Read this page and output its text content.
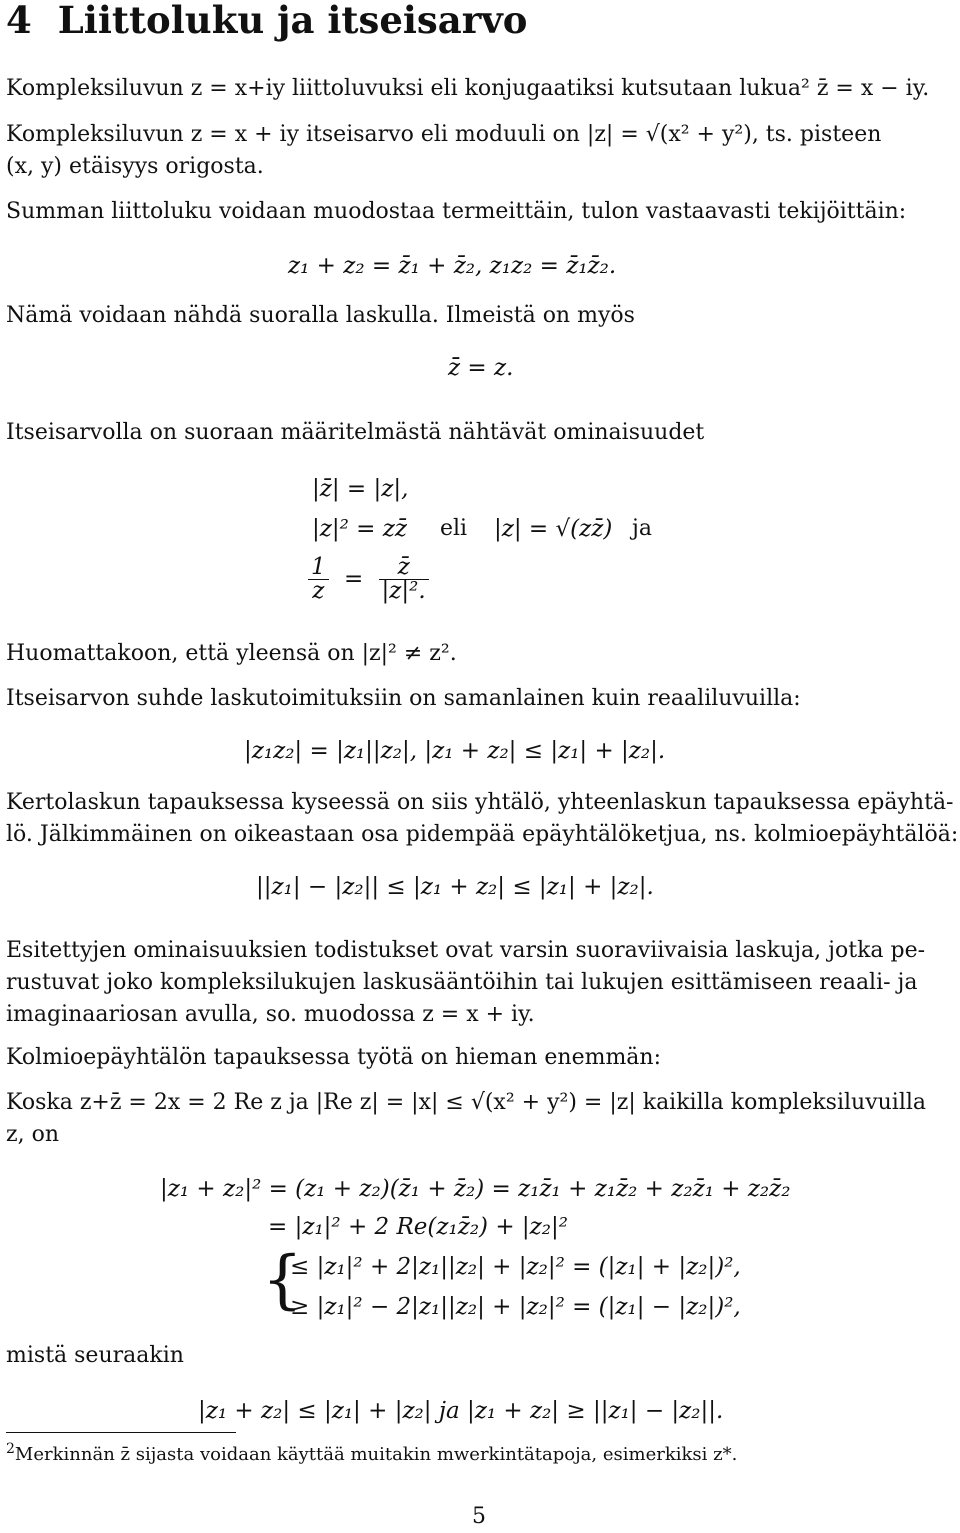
4 Liittoluku ja itseisarvo
Kompleksiluvun z = x+iy liittoluvuksi eli konjugaatiksi kutsutaan lukua² z̄ = x − iy.
Kompleksiluvun z = x + iy itseisarvo eli moduuli on |z| = √(x² + y²), ts. pisteen
(x, y) etäisyys origosta.
Summan liittoluku voidaan muodostaa termeittäin, tulon vastaavasti tekijöittäin:
z₁ + z₂ = z̄₁ + z̄₂, z₁z₂ = z̄₁z̄₂.
Nämä voidaan nähdä suoralla laskulla. Ilmeistä on myös
z̄̄ = z.
Itseisarvolla on suoraan määritelmästä nähtävät ominaisuudet
|z̄| = |z|,
|z|² = zz̄ eli |z| = √(zz̄) ja
$\frac{1}{z} = \frac{z̄}{\text{|z|².}}$
Huomattakoon, että yleensä on |z|² ≠ z².
Itseisarvon suhde laskutoimituksiin on samanlainen kuin reaaliluvuilla:
|z₁z₂| = |z₁||z₂|, |z₁ + z₂| ≤ |z₁| + |z₂|.
Kertolaskun tapauksessa kyseessä on siis yhtälö, yhteenlaskun tapauksessa epäyhtä-
lö. Jälkimmäinen on oikeastaan osa pidempää epäyhtälöketjua, ns. kolmioepäyhtälöä:
||z₁| − |z₂|| ≤ |z₁ + z₂| ≤ |z₁| + |z₂|.
Esitettyjen ominaisuuksien todistukset ovat varsin suoraviivaisia laskuja, jotka pe-
rustuvat joko kompleksilukujen laskusääntöihin tai lukujen esittämiseen reaali- ja
imaginaariosan avulla, so. muodossa z = x + iy.
Kolmioepäyhtälön tapauksessa työtä on hieman enemmän:
Koska z+z̄ = 2x = 2 Re z ja |Re z| = |x| ≤ √(x² + y²) = |z| kaikilla kompleksiluvuilla
z, on
|z₁ + z₂|² = (z₁ + z₂)(z̄₁ + z̄₂) = z₁z̄₁ + z₁z̄₂ + z₂z̄₁ + z₂z̄₂
= |z₁|² + 2 Re(z₁z̄₂) + |z₂|²
{
≤ |z₁|² + 2|z₁||z₂| + |z₂|² = (|z₁| + |z₂|)²,
≥ |z₁|² − 2|z₁||z₂| + |z₂|² = (|z₁| − |z₂|)²,
mistä seuraakin
|z₁ + z₂| ≤ |z₁| + |z₂| ja |z₁ + z₂| ≥ ||z₁| − |z₂||.
$^2$Merkinnän z̄ sijasta voidaan käyttää muitakin mwerkintätapoja, esimerkiksi z*.
5
